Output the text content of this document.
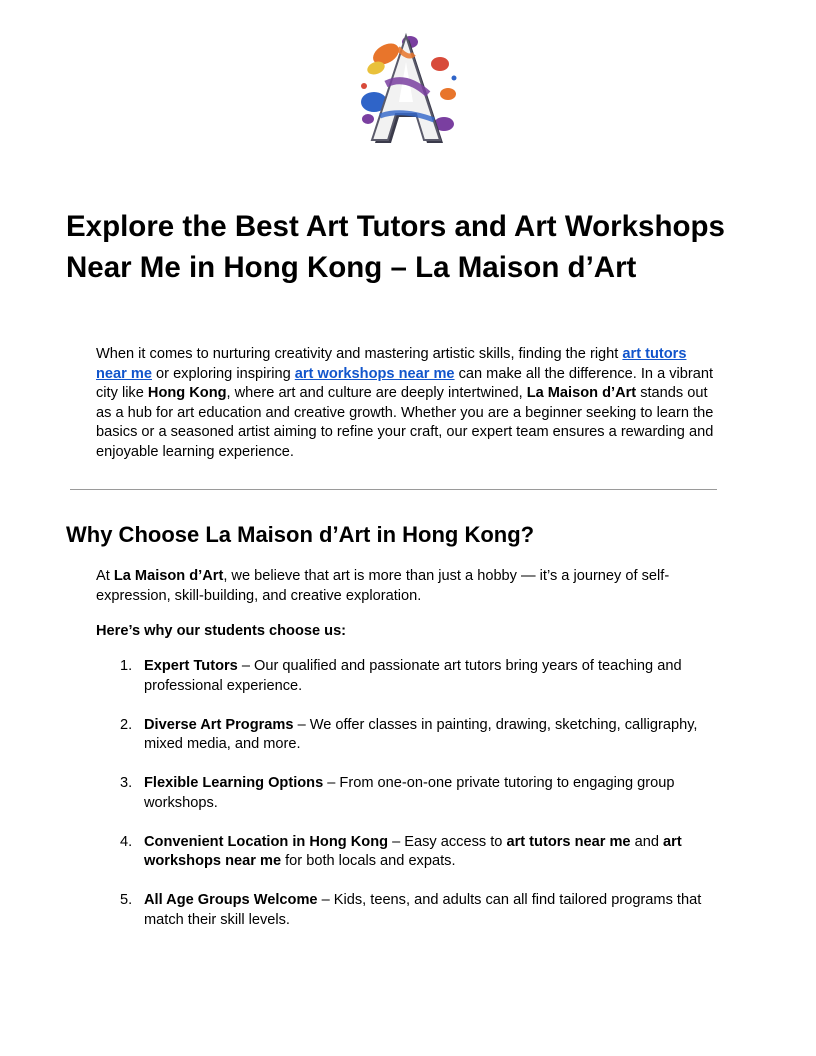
Explore the Best Art Tutors and Art Workshops Near Me in Hong Kong – La Maison d’Art

When it comes to nurturing creativity and mastering artistic skills, finding the right art tutors near me or exploring inspiring art workshops near me can make all the difference. In a vibrant city like Hong Kong, where art and culture are deeply intertwined, La Maison d’Art stands out as a hub for art education and creative growth. Whether you are a beginner seeking to learn the basics or a seasoned artist aiming to refine your craft, our expert team ensures a rewarding and enjoyable learning experience.

Why Choose La Maison d’Art in Hong Kong?

At La Maison d’Art, we believe that art is more than just a hobby — it’s a journey of self-expression, skill-building, and creative exploration.

Here’s why our students choose us:

1. Expert Tutors – Our qualified and passionate art tutors bring years of teaching and professional experience.
2. Diverse Art Programs – We offer classes in painting, drawing, sketching, calligraphy, mixed media, and more.
3. Flexible Learning Options – From one-on-one private tutoring to engaging group workshops.
4. Convenient Location in Hong Kong – Easy access to art tutors near me and art workshops near me for both locals and expats.
5. All Age Groups Welcome – Kids, teens, and adults can all find tailored programs that match their skill levels.
